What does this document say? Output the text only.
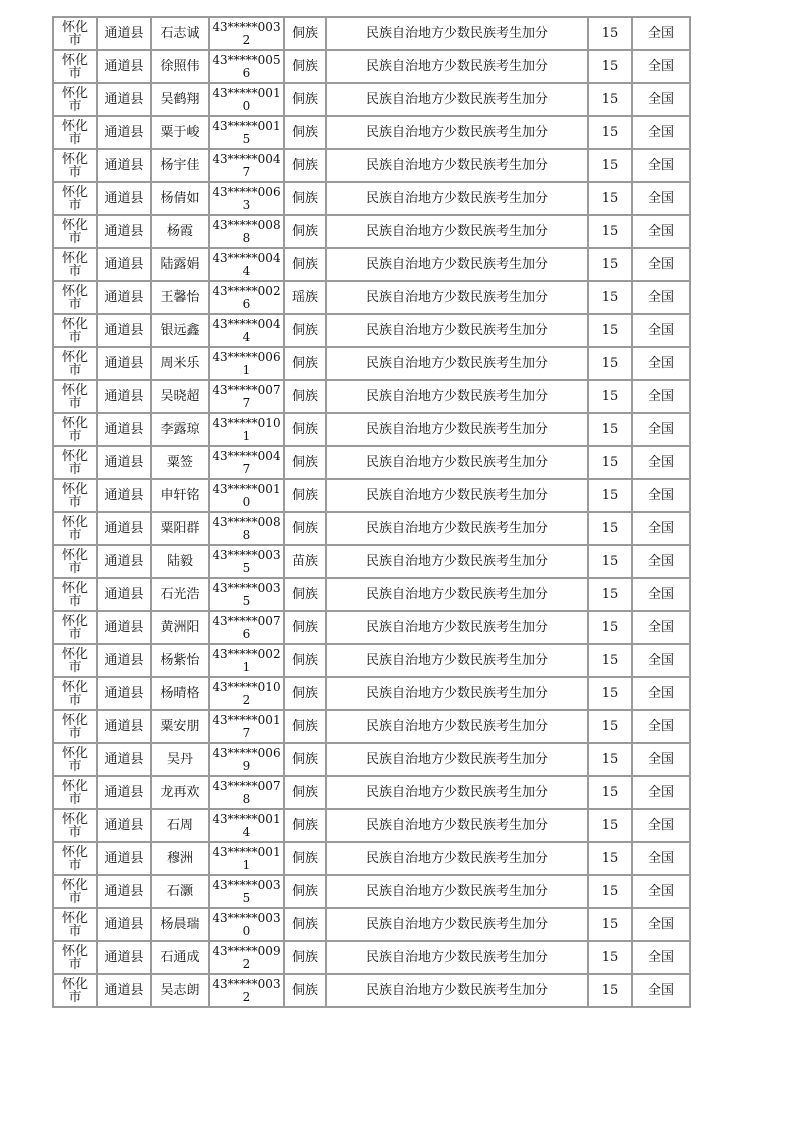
怀化市	通道县	石志诚	43*****0032	侗族	民族自治地方少数民族考生加分	15	全国
怀化市	通道县	徐照伟	43*****0056	侗族	民族自治地方少数民族考生加分	15	全国
怀化市	通道县	吴鹤翔	43*****0010	侗族	民族自治地方少数民族考生加分	15	全国
怀化市	通道县	粟于峻	43*****0015	侗族	民族自治地方少数民族考生加分	15	全国
怀化市	通道县	杨宇佳	43*****0047	侗族	民族自治地方少数民族考生加分	15	全国
怀化市	通道县	杨倩如	43*****0063	侗族	民族自治地方少数民族考生加分	15	全国
怀化市	通道县	杨霞	43*****0088	侗族	民族自治地方少数民族考生加分	15	全国
怀化市	通道县	陆露娟	43*****0044	侗族	民族自治地方少数民族考生加分	15	全国
怀化市	通道县	王馨怡	43*****0026	瑶族	民族自治地方少数民族考生加分	15	全国
怀化市	通道县	银远鑫	43*****0044	侗族	民族自治地方少数民族考生加分	15	全国
怀化市	通道县	周米乐	43*****0061	侗族	民族自治地方少数民族考生加分	15	全国
怀化市	通道县	吴晓超	43*****0077	侗族	民族自治地方少数民族考生加分	15	全国
怀化市	通道县	李露琼	43*****0101	侗族	民族自治地方少数民族考生加分	15	全国
怀化市	通道县	粟签	43*****0047	侗族	民族自治地方少数民族考生加分	15	全国
怀化市	通道县	申轩铭	43*****0010	侗族	民族自治地方少数民族考生加分	15	全国
怀化市	通道县	粟阳群	43*****0088	侗族	民族自治地方少数民族考生加分	15	全国
怀化市	通道县	陆毅	43*****0035	苗族	民族自治地方少数民族考生加分	15	全国
怀化市	通道县	石光浩	43*****0035	侗族	民族自治地方少数民族考生加分	15	全国
怀化市	通道县	黄洲阳	43*****0076	侗族	民族自治地方少数民族考生加分	15	全国
怀化市	通道县	杨紫怡	43*****0021	侗族	民族自治地方少数民族考生加分	15	全国
怀化市	通道县	杨晴格	43*****0102	侗族	民族自治地方少数民族考生加分	15	全国
怀化市	通道县	粟安朋	43*****0017	侗族	民族自治地方少数民族考生加分	15	全国
怀化市	通道县	吴丹	43*****0069	侗族	民族自治地方少数民族考生加分	15	全国
怀化市	通道县	龙再欢	43*****0078	侗族	民族自治地方少数民族考生加分	15	全国
怀化市	通道县	石周	43*****0014	侗族	民族自治地方少数民族考生加分	15	全国
怀化市	通道县	穆洲	43*****0011	侗族	民族自治地方少数民族考生加分	15	全国
怀化市	通道县	石灏	43*****0035	侗族	民族自治地方少数民族考生加分	15	全国
怀化市	通道县	杨晨瑞	43*****0030	侗族	民族自治地方少数民族考生加分	15	全国
怀化市	通道县	石通成	43*****0092	侗族	民族自治地方少数民族考生加分	15	全国
怀化市	通道县	吴志朗	43*****0032	侗族	民族自治地方少数民族考生加分	15	全国
